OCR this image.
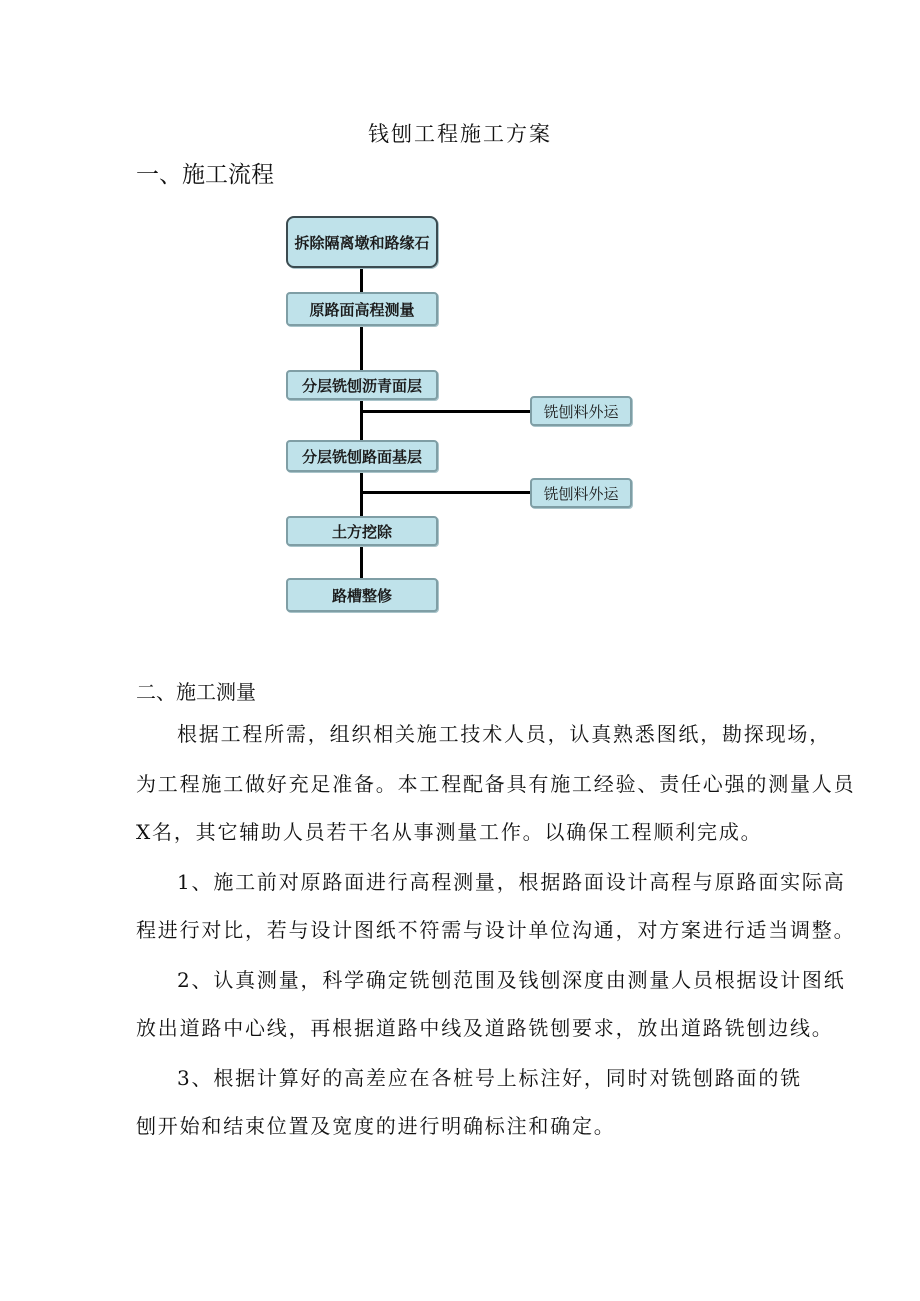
钱刨工程施工方案
一、施工流程
拆除隔离墩和路缘石
原路面高程测量
分层铣刨沥青面层
分层铣刨路面基层
土方挖除
路槽整修
铣刨料外运
铣刨料外运
二、施工测量
根据工程所需，组织相关施工技术人员，认真熟悉图纸，勘探现场，
为工程施工做好充足准备。本工程配备具有施工经验、责任心强的测量人员
X名，其它辅助人员若干名从事测量工作。以确保工程顺利完成。
1、施工前对原路面进行高程测量，根据路面设计高程与原路面实际高
程进行对比，若与设计图纸不符需与设计单位沟通，对方案进行适当调整。
2、认真测量，科学确定铣刨范围及钱刨深度由测量人员根据设计图纸
放出道路中心线，再根据道路中线及道路铣刨要求，放出道路铣刨边线。
3、根据计算好的高差应在各桩号上标注好，同时对铣刨路面的铣
刨开始和结束位置及宽度的进行明确标注和确定。
